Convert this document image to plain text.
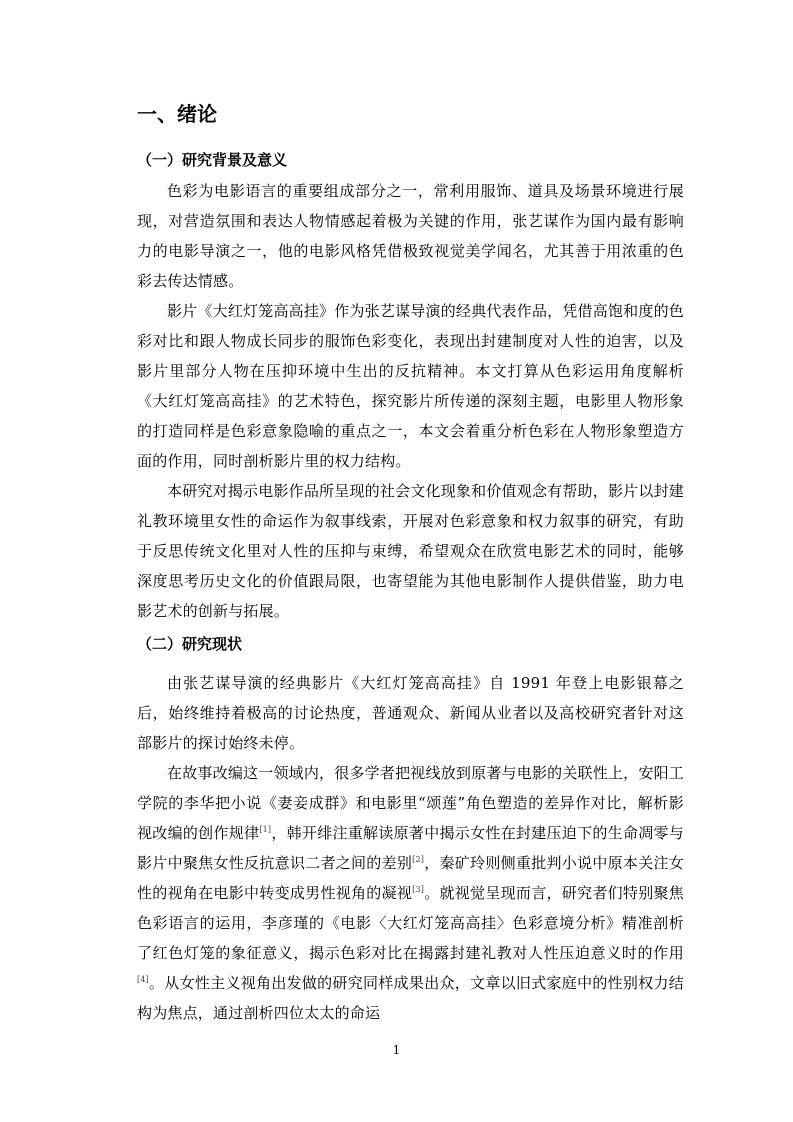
一、绪论
（一）研究背景及意义

色彩为电影语言的重要组成部分之一，常利用服饰、道具及场景环境进行展现，对营造氛围和表达人物情感起着极为关键的作用，张艺谋作为国内最有影响力的电影导演之一，他的电影风格凭借极致视觉美学闻名，尤其善于用浓重的色彩去传达情感。

影片《大红灯笼高高挂》作为张艺谋导演的经典代表作品，凭借高饱和度的色彩对比和跟人物成长同步的服饰色彩变化，表现出封建制度对人性的迫害，以及影片里部分人物在压抑环境中生出的反抗精神。本文打算从色彩运用角度解析《大红灯笼高高挂》的艺术特色，探究影片所传递的深刻主题，电影里人物形象的打造同样是色彩意象隐喻的重点之一，本文会着重分析色彩在人物形象塑造方面的作用，同时剖析影片里的权力结构。

本研究对揭示电影作品所呈现的社会文化现象和价值观念有帮助，影片以封建礼教环境里女性的命运作为叙事线索，开展对色彩意象和权力叙事的研究，有助于反思传统文化里对人性的压抑与束缚，希望观众在欣赏电影艺术的同时，能够深度思考历史文化的价值跟局限，也寄望能为其他电影制作人提供借鉴，助力电影艺术的创新与拓展。

（二）研究现状

由张艺谋导演的经典影片《大红灯笼高高挂》自 1991 年登上电影银幕之后，始终维持着极高的讨论热度，普通观众、新闻从业者以及高校研究者针对这部影片的探讨始终未停。

在故事改编这一领域内，很多学者把视线放到原著与电影的关联性上，安阳工学院的李华把小说《妻妾成群》和电影里“颂莲”角色塑造的差异作对比，解析影视改编的创作规律[1]，韩开绯注重解读原著中揭示女性在封建压迫下的生命凋零与影片中聚焦女性反抗意识二者之间的差别[2]，秦矿玲则侧重批判小说中原本关注女性的视角在电影中转变成男性视角的凝视[3]。就视觉呈现而言，研究者们特别聚焦色彩语言的运用，李彦瑾的《电影〈大红灯笼高高挂〉色彩意境分析》精准剖析了红色灯笼的象征意义，揭示色彩对比在揭露封建礼教对人性压迫意义时的作用[4]。从女性主义视角出发做的研究同样成果出众，文章以旧式家庭中的性别权力结构为焦点，通过剖析四位太太的命运

1
